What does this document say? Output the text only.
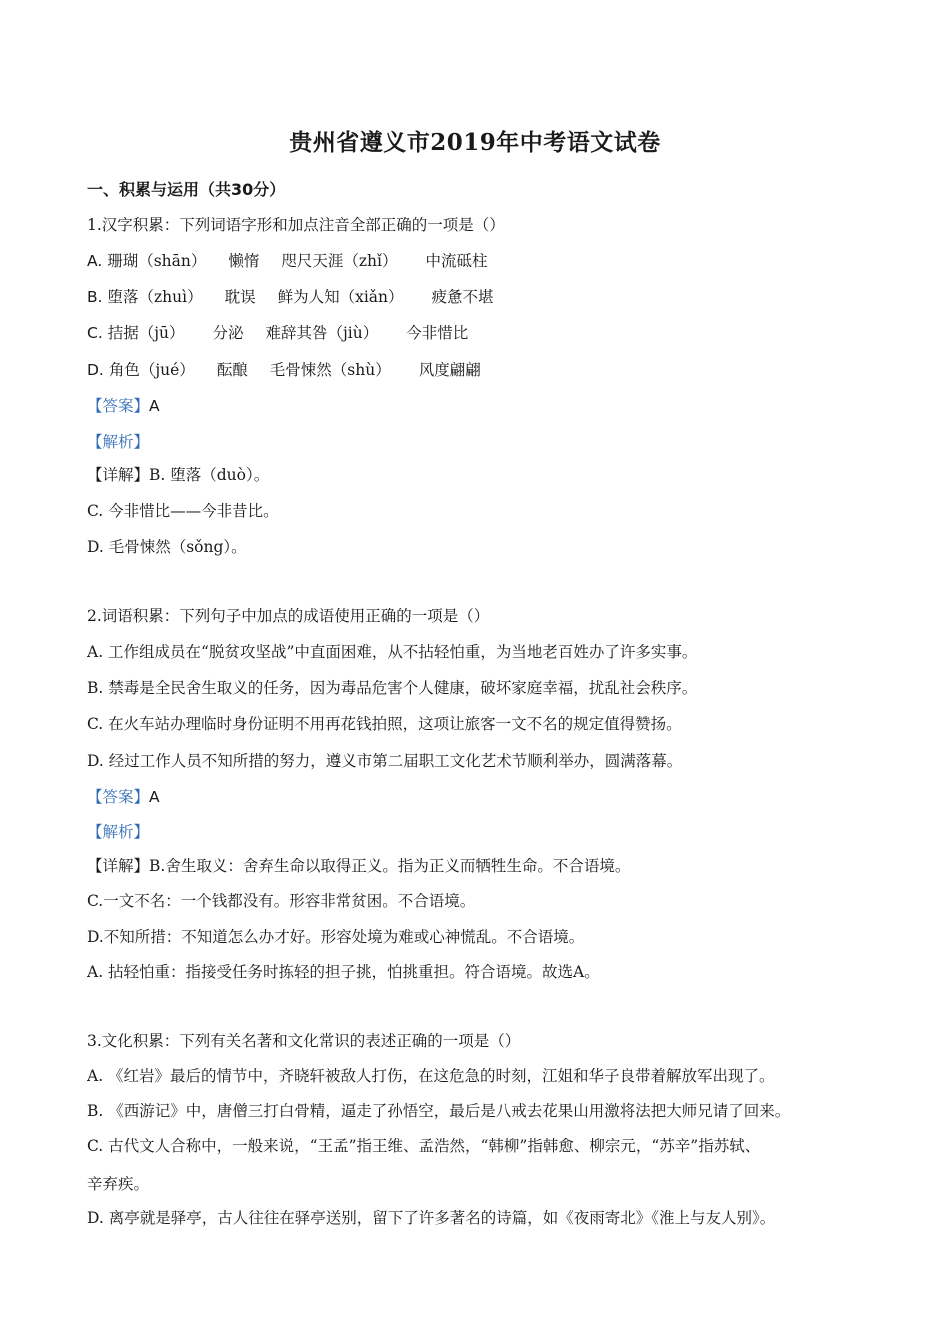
贵州省遵义市2019年中考语文试卷
一、积累与运用（共30分）
1.汉字积累：下列词语字形和加点注音全部正确的一项是（）
A. 珊瑚（shān） 懒惰 咫尺天涯（zhǐ） 中流砥柱
B. 堕落（zhuì） 耽误 鲜为人知（xiǎn） 疲惫不堪
C. 拮据（jū） 分泌 难辞其咎（jiù） 今非惜比
D. 角色（jué） 酝酿 毛骨悚然（shù） 风度翩翩
【答案】A
【解析】
【详解】B. 堕落（duò）。
C. 今非惜比——今非昔比。
D. 毛骨悚然（sǒng）。
2.词语积累：下列句子中加点的成语使用正确的一项是（）
A. 工作组成员在“脱贫攻坚战”中直面困难，从不拈轻怕重，为当地老百姓办了许多实事。
B. 禁毒是全民舍生取义的任务，因为毒品危害个人健康，破坏家庭幸福，扰乱社会秩序。
C. 在火车站办理临时身份证明不用再花钱拍照，这项让旅客一文不名的规定值得赞扬。
D. 经过工作人员不知所措的努力，遵义市第二届职工文化艺术节顺利举办，圆满落幕。
【答案】A
【解析】
【详解】B.舍生取义：舍弃生命以取得正义。指为正义而牺牲生命。不合语境。
C.一文不名：一个钱都没有。形容非常贫困。不合语境。
D.不知所措：不知道怎么办才好。形容处境为难或心神慌乱。不合语境。
A. 拈轻怕重：指接受任务时拣轻的担子挑，怕挑重担。符合语境。故选A。
3.文化积累：下列有关名著和文化常识的表述正确的一项是（）
A. 《红岩》最后的情节中，齐晓轩被敌人打伤，在这危急的时刻，江姐和华子良带着解放军出现了。
B. 《西游记》中，唐僧三打白骨精，逼走了孙悟空，最后是八戒去花果山用激将法把大师兄请了回来。
C. 古代文人合称中，一般来说，“王孟”指王维、孟浩然，“韩柳”指韩愈、柳宗元，“苏辛”指苏轼、
辛弃疾。
D. 离亭就是驿亭，古人往往在驿亭送别，留下了许多著名的诗篇，如《夜雨寄北》《淮上与友人别》。
